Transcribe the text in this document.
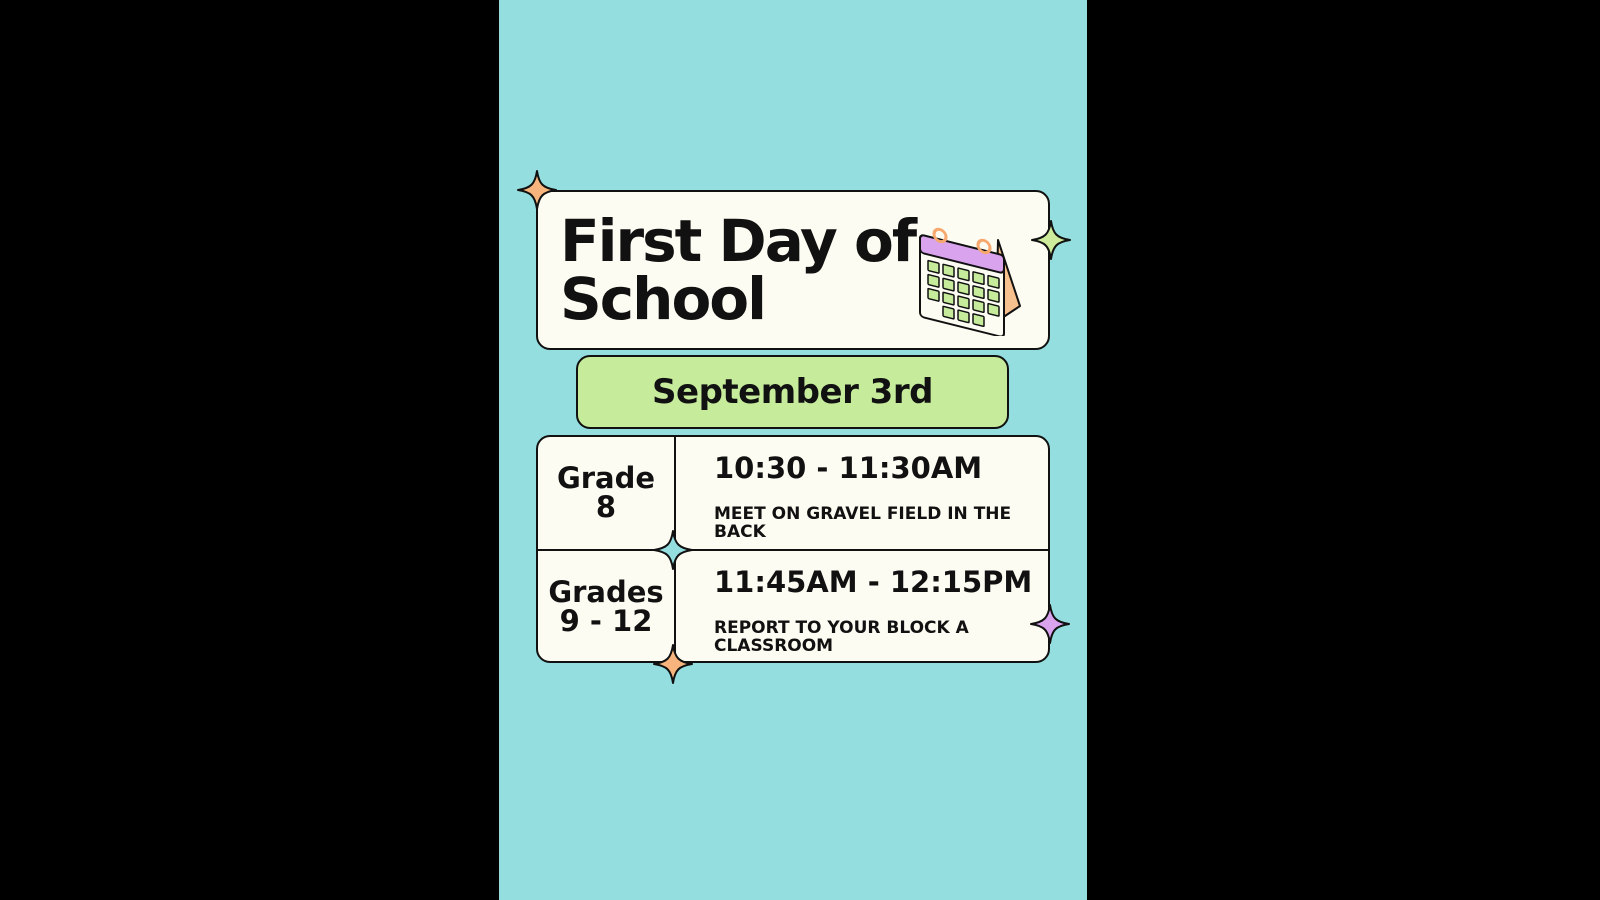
First Day of School
September 3rd
Grade
8
10:30 - 11:30AM
MEET ON GRAVEL FIELD IN THE BACK
Grades
9 - 12
11:45AM - 12:15PM
REPORT TO YOUR BLOCK A CLASSROOM
